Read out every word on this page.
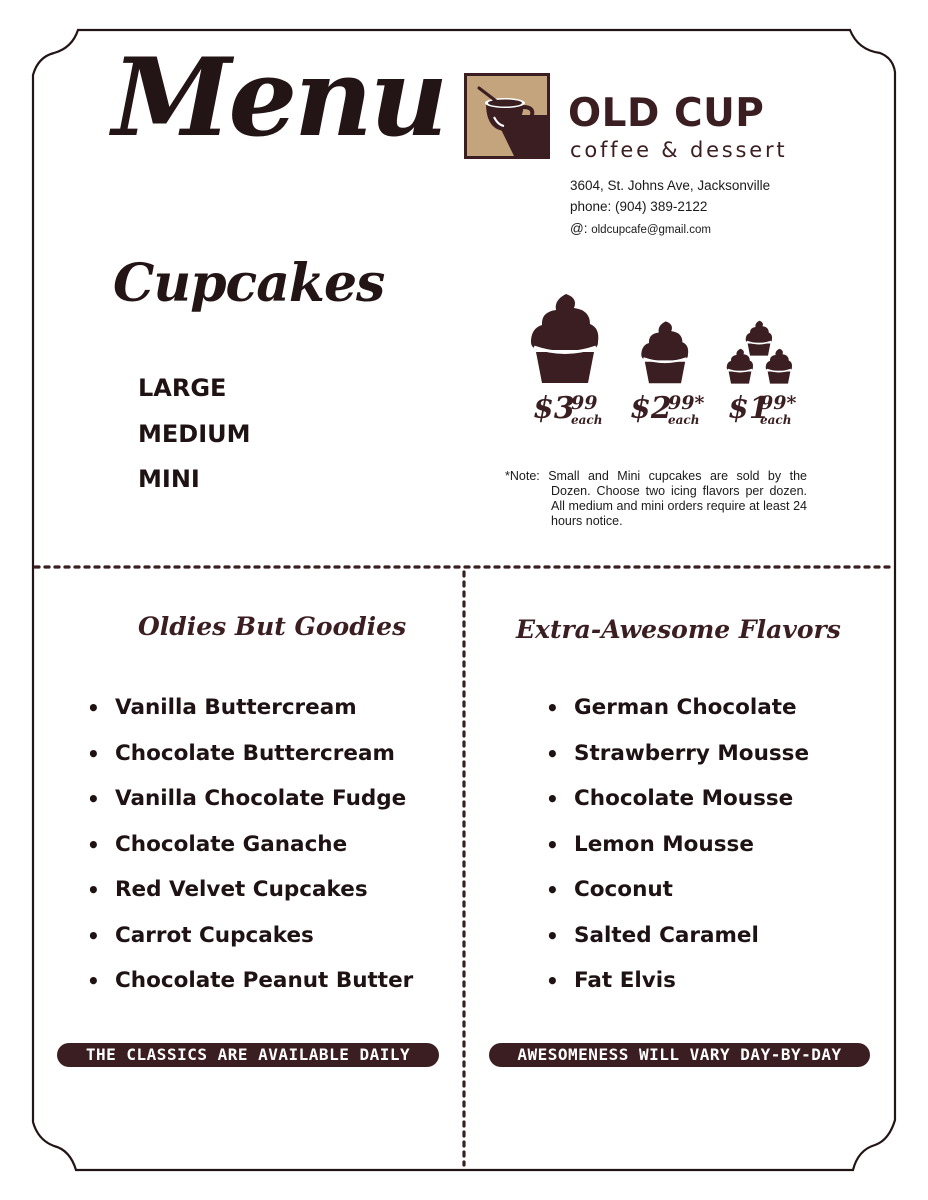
Menu	OLD CUP
coffee & dessert
3604, St. Johns Ave, Jacksonville
phone: (904) 389-2122
@: oldcupcafe@gmail.com
Cupcakes
LARGE
MEDIUM
MINI
$3
99
each $2
99*
each $1
99*
each
*Note: Small and Mini cupcakes are sold by the Dozen. Choose two icing flavors per dozen. All medium and mini orders require at least 24 hours notice.
Oldies But Goodies
• Vanilla Buttercream
• Chocolate Buttercream
• Vanilla Chocolate Fudge
• Chocolate Ganache
• Red Velvet Cupcakes
• Carrot Cupcakes
• Chocolate Peanut Butter
THE CLASSICS ARE AVAILABLE DAILY
Extra-Awesome Flavors
• German Chocolate
• Strawberry Mousse
• Chocolate Mousse
• Lemon Mousse
• Coconut
• Salted Caramel
• Fat Elvis
AWESOMENESS WILL VARY DAY-BY-DAY
